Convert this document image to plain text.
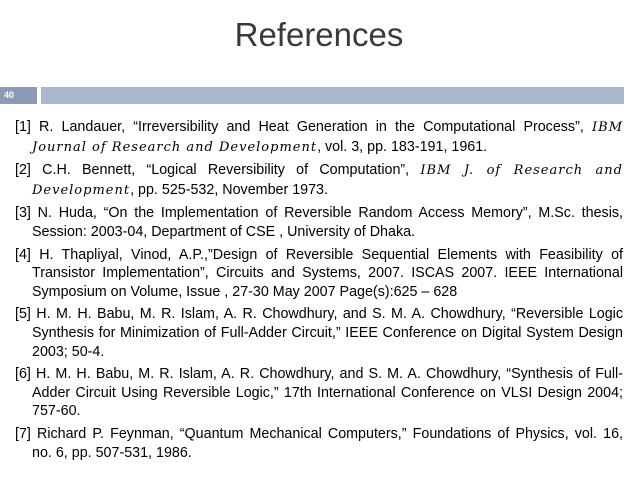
References
40
[1] R. Landauer, “Irreversibility and Heat Generation in the Computational Process”, IBM Journal of Research and Development, vol. 3, pp. 183-191, 1961.
[2] C.H. Bennett, “Logical Reversibility of Computation”, IBM J. of Research and Development, pp. 525-532, November 1973.
[3] N. Huda, “On the Implementation of Reversible Random Access Memory”, M.Sc. thesis, Session: 2003-04, Department of CSE , University of Dhaka.
[4] H. Thapliyal, Vinod, A.P.,”Design of Reversible Sequential Elements with Feasibility of Transistor Implementation”, Circuits and Systems, 2007. ISCAS 2007. IEEE International Symposium on Volume, Issue , 27-30 May 2007 Page(s):625 – 628
[5] H. M. H. Babu, M. R. Islam, A. R. Chowdhury, and S. M. A. Chowdhury, “Reversible Logic Synthesis for Minimization of Full-Adder Circuit,” IEEE Conference on Digital System Design 2003; 50-4.
[6] H. M. H. Babu, M. R. Islam, A. R. Chowdhury, and S. M. A. Chowdhury, “Synthesis of Full-Adder Circuit Using Reversible Logic,” 17th International Conference on VLSI Design 2004; 757-60.
[7] Richard P. Feynman, “Quantum Mechanical Computers,” Foundations of Physics, vol. 16, no. 6, pp. 507-531, 1986.
